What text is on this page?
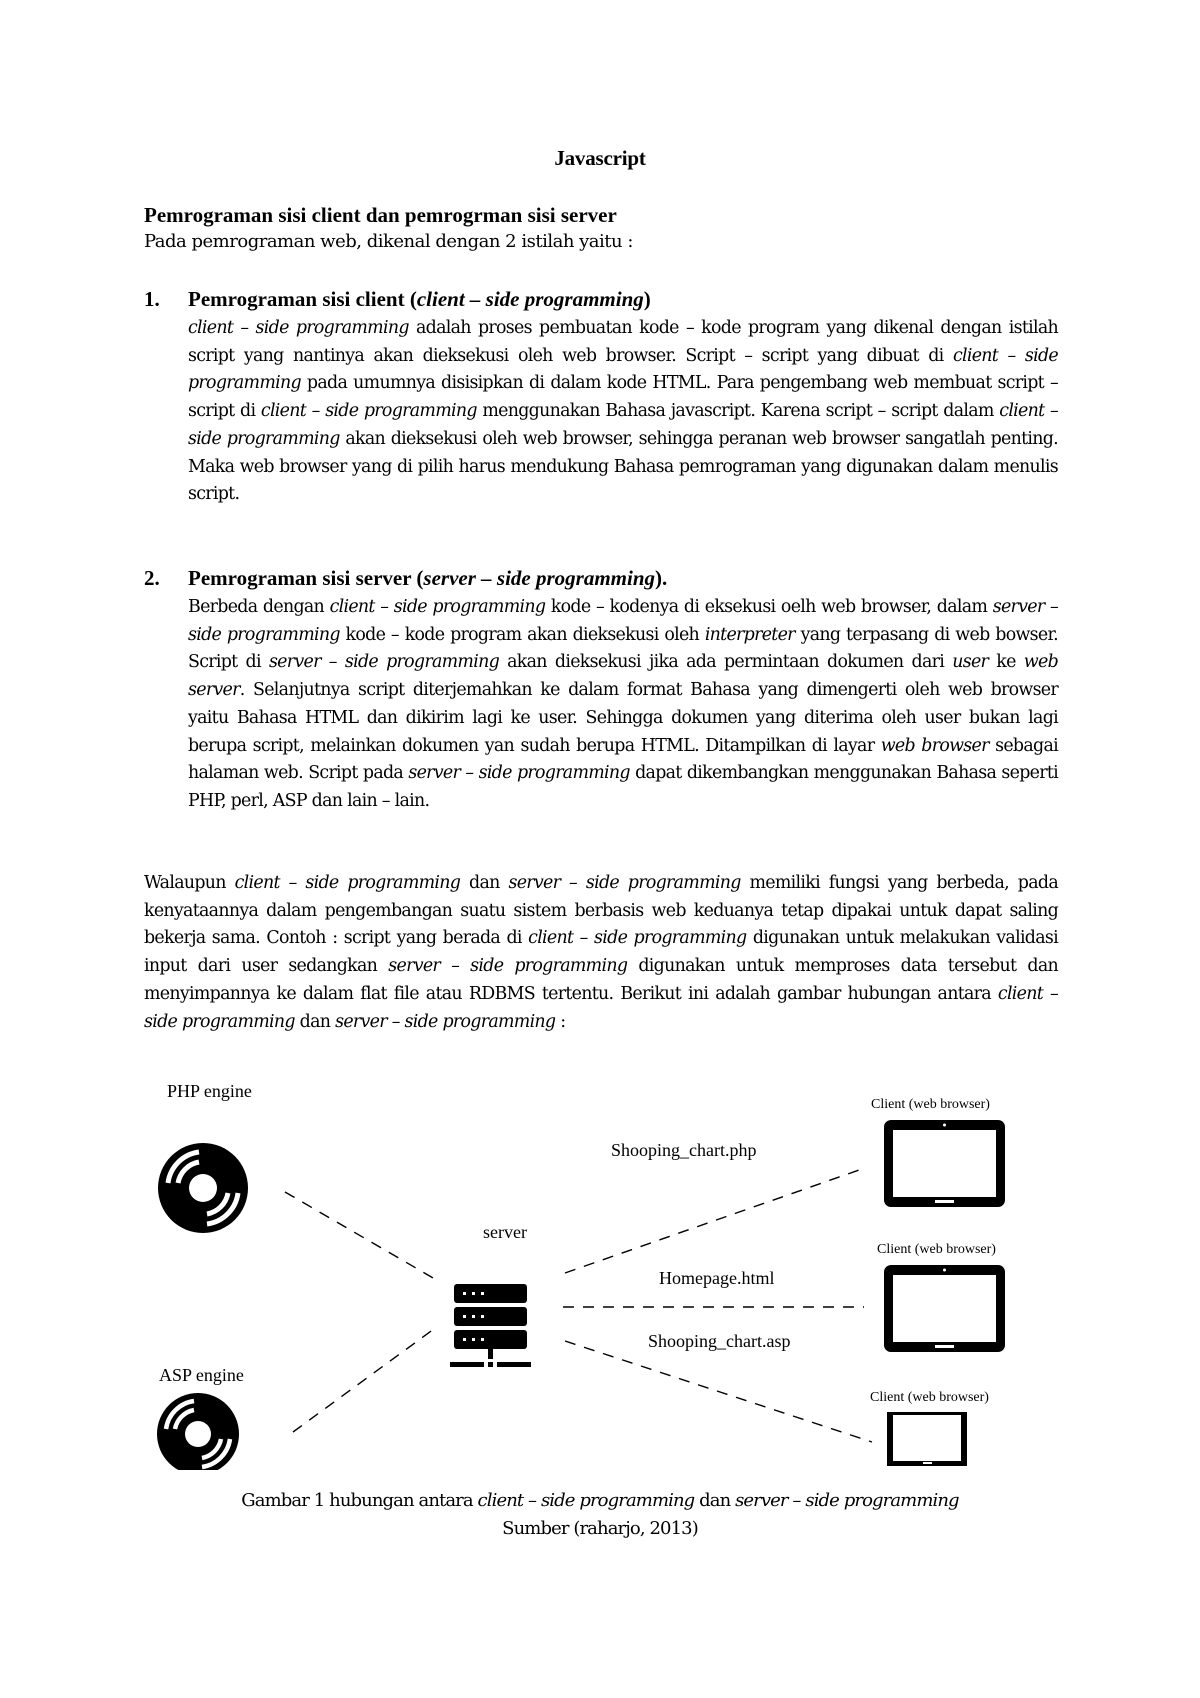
Javascript
Pemrograman sisi client dan pemrogrman sisi server
Pada pemrograman web, dikenal dengan 2 istilah yaitu :
1. Pemrograman sisi client (client – side programming)

client – side programming adalah proses pembuatan kode – kode program yang dikenal dengan istilah script yang nantinya akan dieksekusi oleh web browser. Script – script yang dibuat di client – side programming pada umumnya disisipkan di dalam kode HTML. Para pengembang web membuat script – script di client – side programming menggunakan Bahasa javascript. Karena script – script dalam client – side programming akan dieksekusi oleh web browser, sehingga peranan web browser sangatlah penting. Maka web browser yang di pilih harus mendukung Bahasa pemrograman yang digunakan dalam menulis script.

2. Pemrograman sisi server (server – side programming).

Berbeda dengan client – side programming kode – kodenya di eksekusi oelh web browser, dalam server – side programming kode – kode program akan dieksekusi oleh interpreter yang terpasang di web bowser. Script di server – side programming akan dieksekusi jika ada permintaan dokumen dari user ke web server. Selanjutnya script diterjemahkan ke dalam format Bahasa yang dimengerti oleh web browser yaitu Bahasa HTML dan dikirim lagi ke user. Sehingga dokumen yang diterima oleh user bukan lagi berupa script, melainkan dokumen yan sudah berupa HTML. Ditampilkan di layar web browser sebagai halaman web. Script pada server – side programming dapat dikembangkan menggunakan Bahasa seperti PHP, perl, ASP dan lain – lain.

Walaupun client – side programming dan server – side programming memiliki fungsi yang berbeda, pada kenyataannya dalam pengembangan suatu sistem berbasis web keduanya tetap dipakai untuk dapat saling bekerja sama. Contoh : script yang berada di client – side programming digunakan untuk melakukan validasi input dari user sedangkan server – side programming digunakan untuk memproses data tersebut dan menyimpannya ke dalam flat file atau RDBMS tertentu. Berikut ini adalah gambar hubungan antara client – side programming dan server – side programming :

PHP engine
ASP engine
server
Shooping_chart.php
Homepage.html
Shooping_chart.asp
Client (web browser)
Client (web browser)
Client (web browser)
Gambar 1 hubungan antara client – side programming dan server – side programming
Sumber (raharjo, 2013)
